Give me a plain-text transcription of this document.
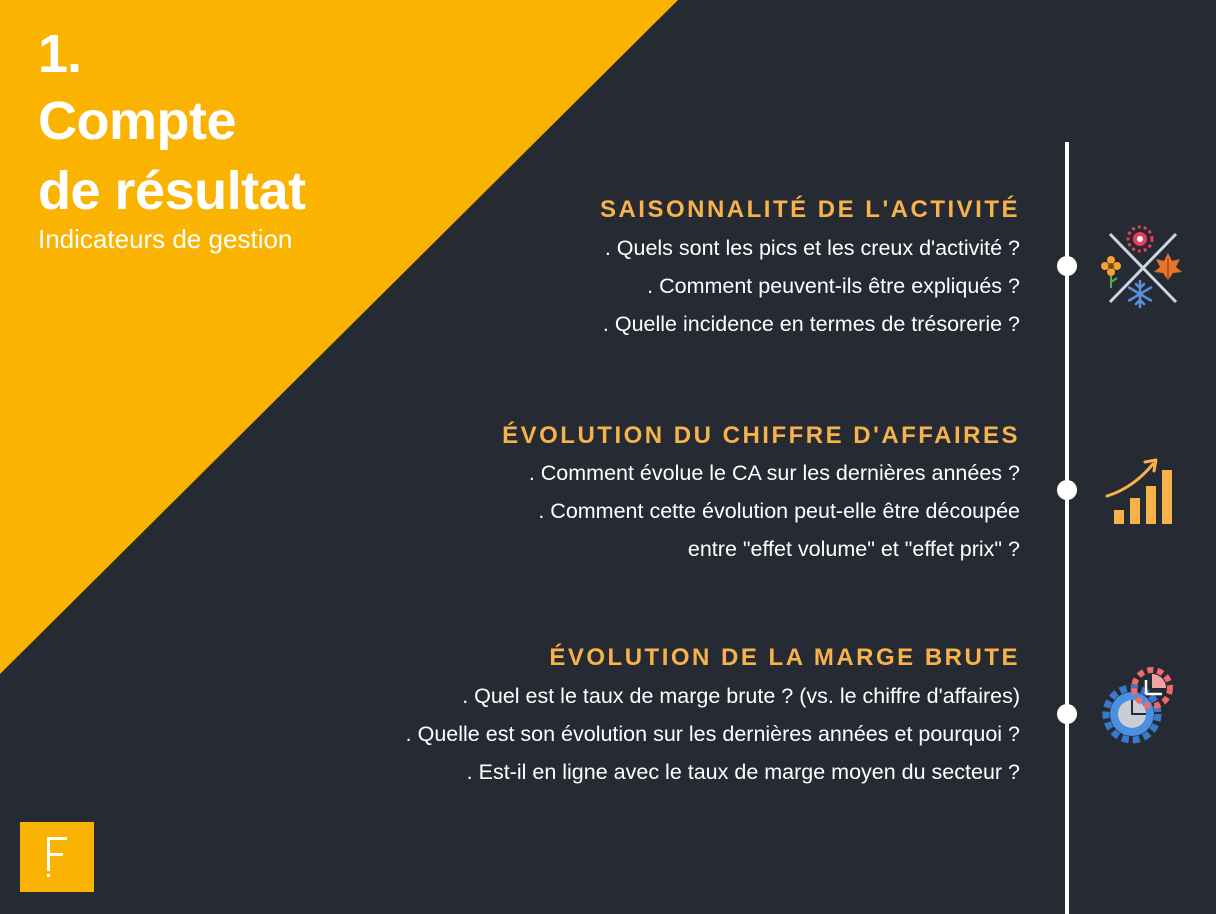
1.
Compte
de résultat
Indicateurs de gestion
SAISONNALITÉ DE L'ACTIVITÉ
. Quels sont les pics et les creux d'activité ?
. Comment peuvent-ils être expliqués ?
. Quelle incidence en termes de trésorerie ?
ÉVOLUTION DU CHIFFRE D'AFFAIRES
. Comment évolue le CA sur les dernières années ?
. Comment cette évolution peut-elle être découpée
entre "effet volume" et "effet prix" ?
ÉVOLUTION DE LA MARGE BRUTE
. Quel est le taux de marge brute ? (vs. le chiffre d'affaires)
. Quelle est son évolution sur les dernières années et pourquoi ?
. Est-il en ligne avec le taux de marge moyen du secteur ?
